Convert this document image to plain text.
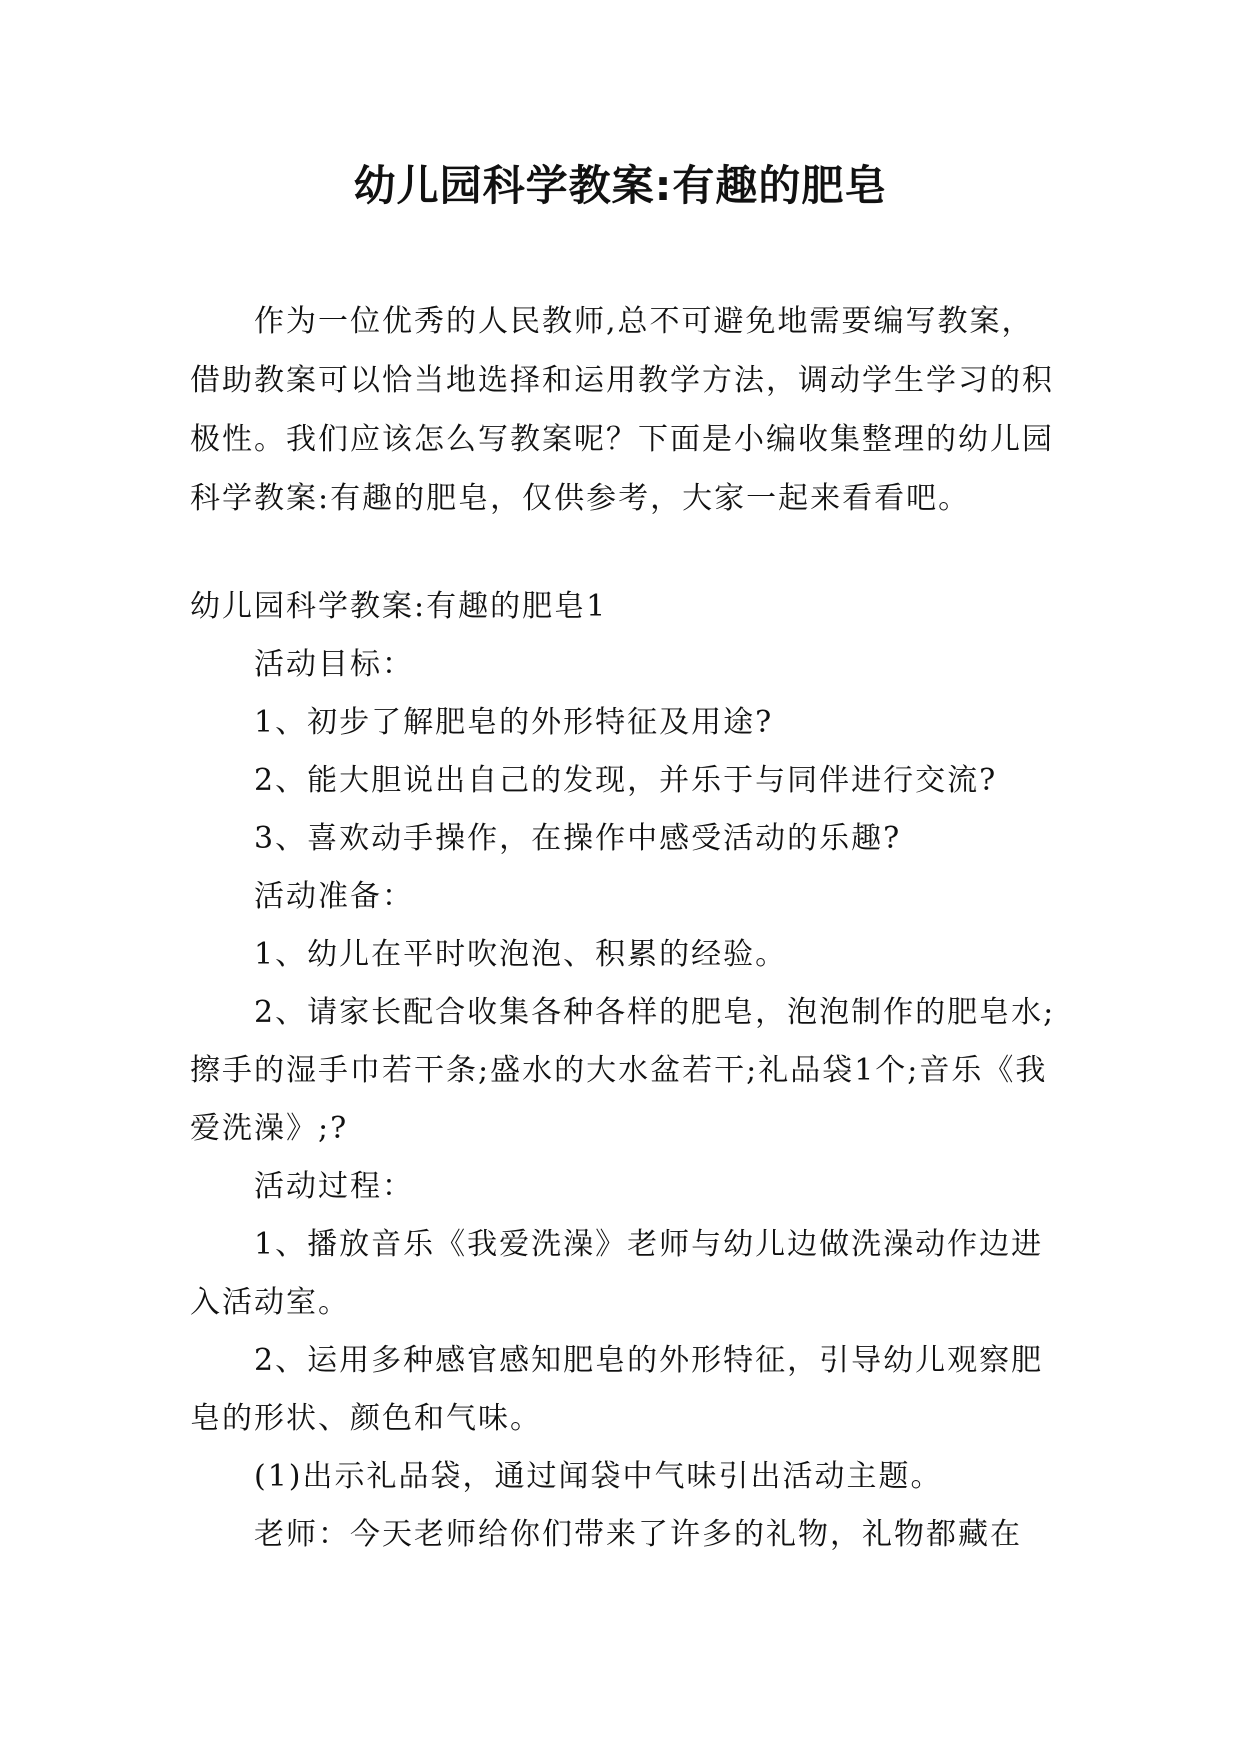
幼儿园科学教案:有趣的肥皂

作为一位优秀的人民教师,总不可避免地需要编写教案，借助教案可以恰当地选择和运用教学方法，调动学生学习的积极性。我们应该怎么写教案呢？下面是小编收集整理的幼儿园科学教案:有趣的肥皂，仅供参考，大家一起来看看吧。

幼儿园科学教案:有趣的肥皂1

活动目标：

1、初步了解肥皂的外形特征及用途?

2、能大胆说出自己的发现，并乐于与同伴进行交流?

3、喜欢动手操作，在操作中感受活动的乐趣?

活动准备：

1、幼儿在平时吹泡泡、积累的经验。

2、请家长配合收集各种各样的肥皂，泡泡制作的肥皂水;擦手的湿手巾若干条;盛水的大水盆若干;礼品袋1个;音乐《我爱洗澡》;?

活动过程：

1、播放音乐《我爱洗澡》老师与幼儿边做洗澡动作边进入活动室。

2、运用多种感官感知肥皂的外形特征，引导幼儿观察肥皂的形状、颜色和气味。

(1)出示礼品袋，通过闻袋中气味引出活动主题。

老师：今天老师给你们带来了许多的礼物，礼物都藏在
